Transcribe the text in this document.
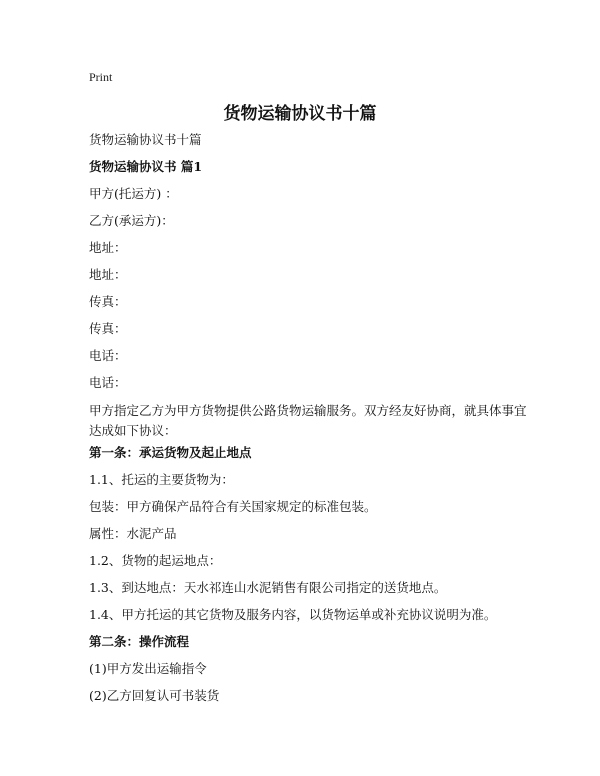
Print
货物运输协议书十篇
货物运输协议书十篇
货物运输协议书 篇1
甲方(托运方) ：
乙方(承运方)：
地址：
地址：
传真：
传真：
电话：
电话：
甲方指定乙方为甲方货物提供公路货物运输服务。双方经友好协商，就具体事宜达成如下协议：
第一条：承运货物及起止地点
1.1、托运的主要货物为：
包装：甲方确保产品符合有关国家规定的标准包装。
属性：水泥产品
1.2、货物的起运地点：
1.3、到达地点：天水祁连山水泥销售有限公司指定的送货地点。
1.4、甲方托运的其它货物及服务内容，以货物运单或补充协议说明为准。
第二条：操作流程
(1)甲方发出运输指令
(2)乙方回复认可书装货
